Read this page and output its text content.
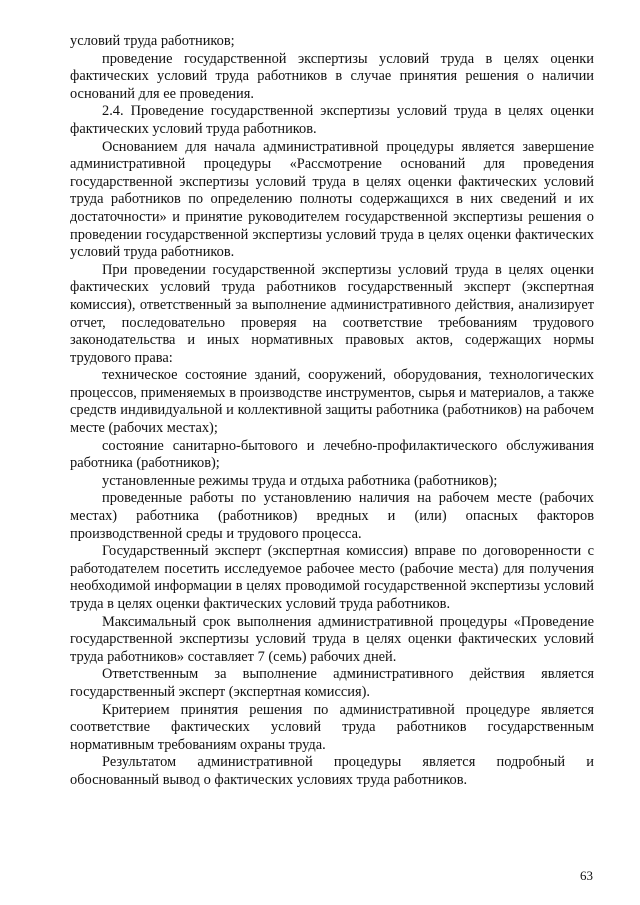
условий труда работников;

проведение государственной экспертизы условий труда в целях оценки фактических условий труда работников в случае принятия решения о наличии оснований для ее проведения.

2.4. Проведение государственной экспертизы условий труда в целях оценки фактических условий труда работников.

Основанием для начала административной процедуры является завершение административной процедуры «Рассмотрение оснований для проведения государственной экспертизы условий труда в целях оценки фактических условий труда работников по определению полноты содержащихся в них сведений и их достаточности» и принятие руководителем государственной экспертизы решения о проведении государственной экспертизы условий труда в целях оценки фактических условий труда работников.

При проведении государственной экспертизы условий труда в целях оценки фактических условий труда работников государственный эксперт (экспертная комиссия), ответственный за выполнение административного действия, анализирует отчет, последовательно проверяя на соответствие требованиям трудового законодательства и иных нормативных правовых актов, содержащих нормы трудового права:

техническое состояние зданий, сооружений, оборудования, технологических процессов, применяемых в производстве инструментов, сырья и материалов, а также средств индивидуальной и коллективной защиты работника (работников) на рабочем месте (рабочих местах);

состояние санитарно-бытового и лечебно-профилактического обслуживания работника (работников);

установленные режимы труда и отдыха работника (работников);

проведенные работы по установлению наличия на рабочем месте (рабочих местах) работника (работников) вредных и (или) опасных факторов производственной среды и трудового процесса.

Государственный эксперт (экспертная комиссия) вправе по договоренности с работодателем посетить исследуемое рабочее место (рабочие места) для получения необходимой информации в целях проводимой государственной экспертизы условий труда в целях оценки фактических условий труда работников.

Максимальный срок выполнения административной процедуры «Проведение государственной экспертизы условий труда в целях оценки фактических условий труда работников» составляет 7 (семь) рабочих дней.

Ответственным за выполнение административного действия является государственный эксперт (экспертная комиссия).

Критерием принятия решения по административной процедуре является соответствие фактических условий труда работников государственным нормативным требованиям охраны труда.

Результатом административной процедуры является подробный и обоснованный вывод о фактических условиях труда работников.

63
